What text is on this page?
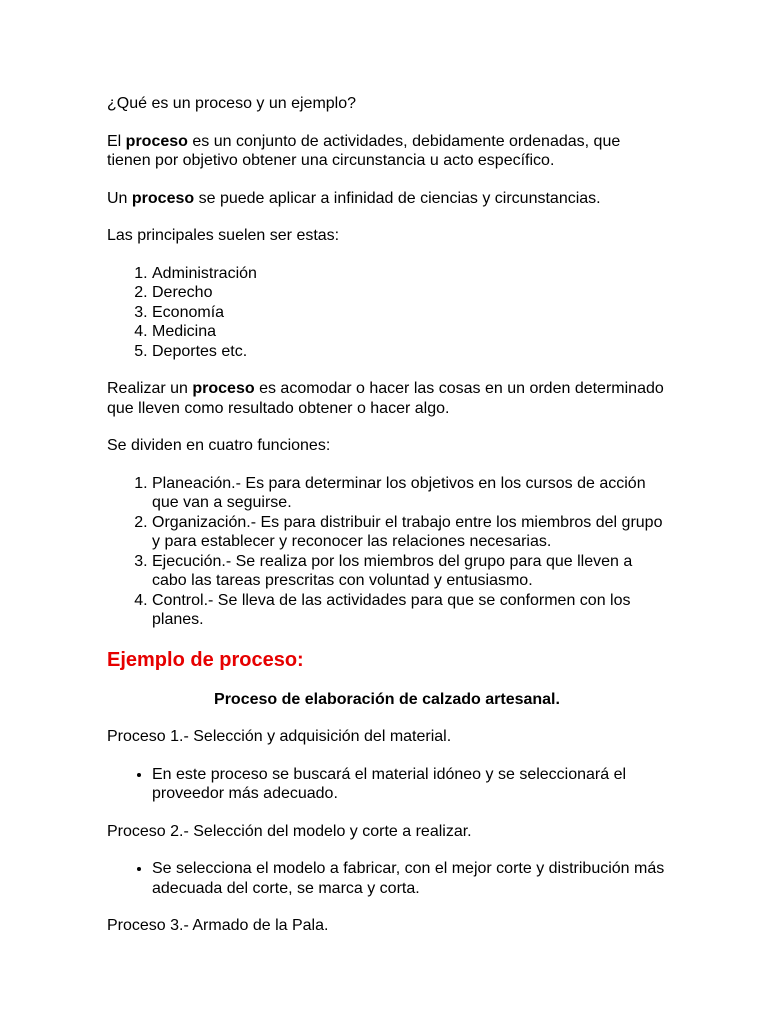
¿Qué es un proceso y un ejemplo?

El proceso es un conjunto de actividades, debidamente ordenadas, que tienen por objetivo obtener una circunstancia u acto específico.

Un proceso se puede aplicar a infinidad de ciencias y circunstancias.

Las principales suelen ser estas:

1. Administración
2. Derecho
3. Economía
4. Medicina
5. Deportes etc.

Realizar un proceso es acomodar o hacer las cosas en un orden determinado que lleven como resultado obtener o hacer algo.

Se dividen en cuatro funciones:

1. Planeación.- Es para determinar los objetivos en los cursos de acción que van a seguirse.
2. Organización.- Es para distribuir el trabajo entre los miembros del grupo y para establecer y reconocer las relaciones necesarias.
3. Ejecución.- Se realiza por los miembros del grupo para que lleven a cabo las tareas prescritas con voluntad y entusiasmo.
4. Control.- Se lleva de las actividades para que se conformen con los planes.
Ejemplo de proceso:

Proceso de elaboración de calzado artesanal.

Proceso 1.- Selección y adquisición del material.

• En este proceso se buscará el material idóneo y se seleccionará el proveedor más adecuado.

Proceso 2.- Selección del modelo y corte a realizar.

• Se selecciona el modelo a fabricar, con el mejor corte y distribución más adecuada del corte, se marca y corta.

Proceso 3.- Armado de la Pala.
